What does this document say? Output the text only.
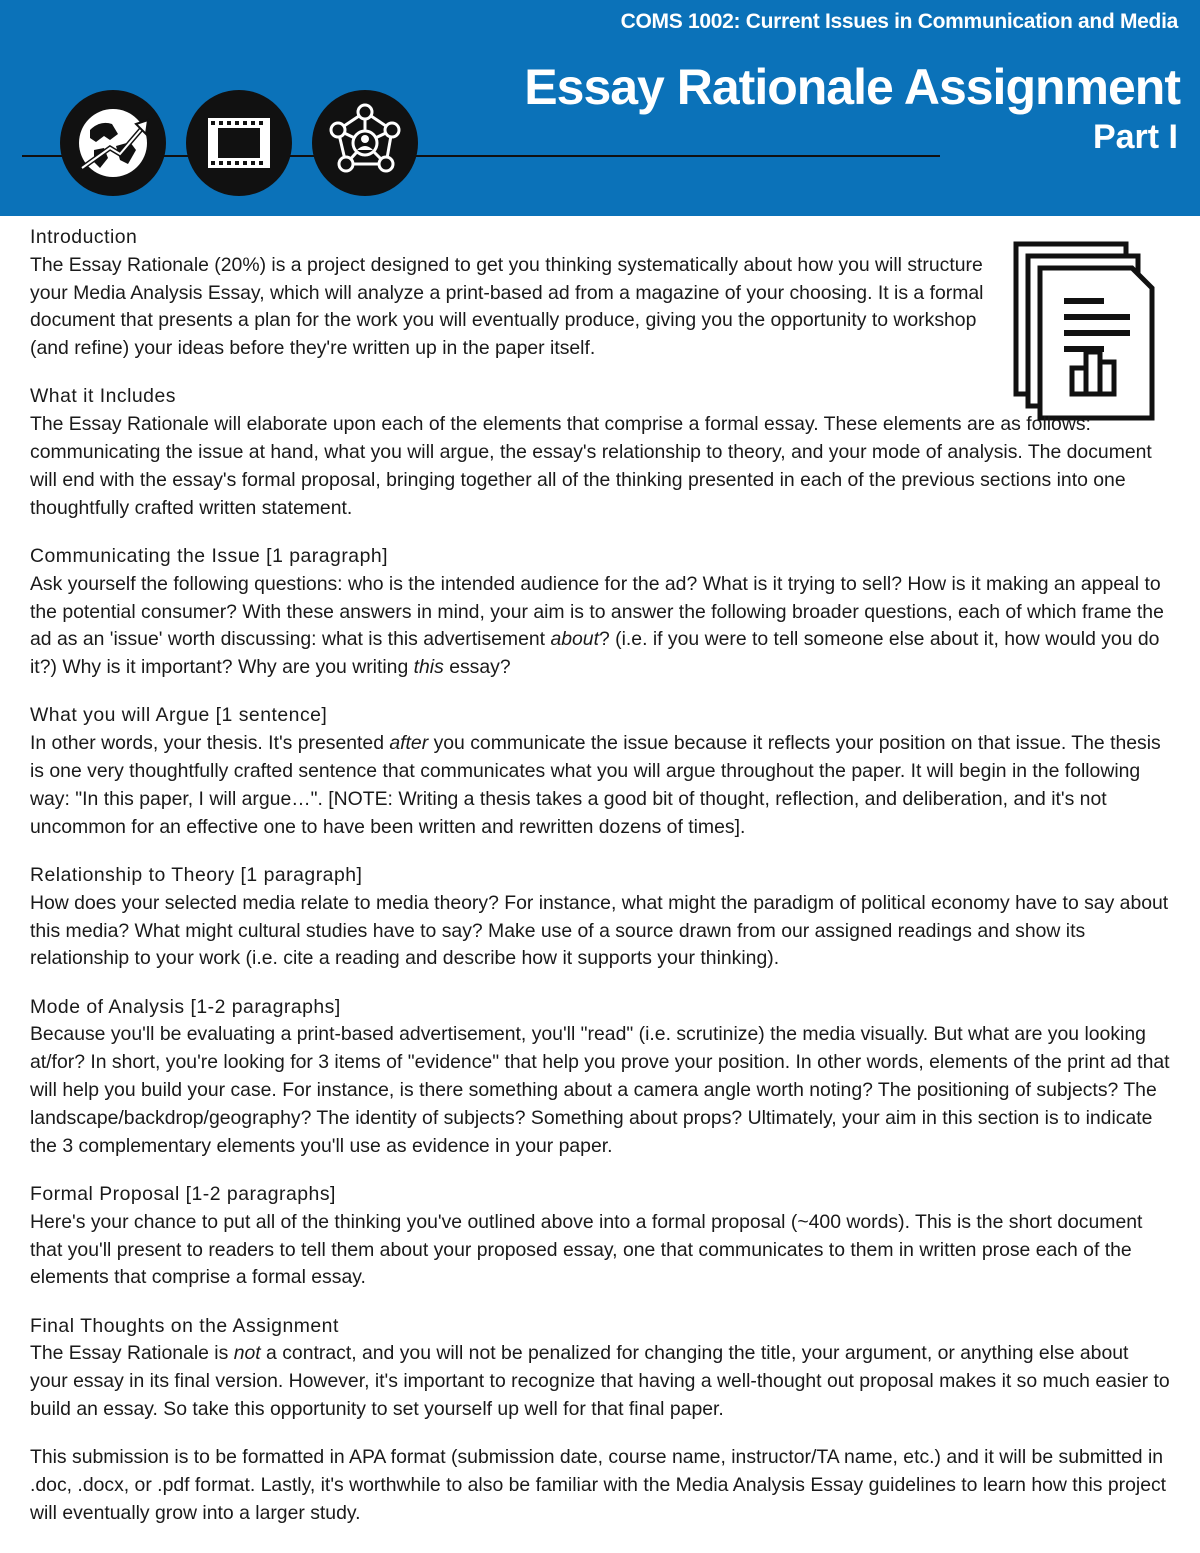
COMS 1002: Current Issues in Communication and Media
Essay Rationale Assignment
Part I
Introduction

The Essay Rationale (20%) is a project designed to get you thinking systematically about how you will structure your Media Analysis Essay, which will analyze a print-based ad from a magazine of your choosing. It is a formal document that presents a plan for the work you will eventually produce, giving you the opportunity to workshop (and refine) your ideas before they're written up in the paper itself.

What it Includes

The Essay Rationale will elaborate upon each of the elements that comprise a formal essay. These elements are as follows: communicating the issue at hand, what you will argue, the essay's relationship to theory, and your mode of analysis. The document will end with the essay's formal proposal, bringing together all of the thinking presented in each of the previous sections into one thoughtfully crafted written statement.

Communicating the Issue [1 paragraph]

Ask yourself the following questions: who is the intended audience for the ad? What is it trying to sell? How is it making an appeal to the potential consumer? With these answers in mind, your aim is to answer the following broader questions, each of which frame the ad as an 'issue' worth discussing: what is this advertisement about? (i.e. if you were to tell someone else about it, how would you do it?) Why is it important? Why are you writing this essay?

What you will Argue [1 sentence]

In other words, your thesis. It's presented after you communicate the issue because it reflects your position on that issue. The thesis is one very thoughtfully crafted sentence that communicates what you will argue throughout the paper. It will begin in the following way: "In this paper, I will argue…". [NOTE: Writing a thesis takes a good bit of thought, reflection, and deliberation, and it's not uncommon for an effective one to have been written and rewritten dozens of times].

Relationship to Theory [1 paragraph]

How does your selected media relate to media theory? For instance, what might the paradigm of political economy have to say about this media? What might cultural studies have to say? Make use of a source drawn from our assigned readings and show its relationship to your work (i.e. cite a reading and describe how it supports your thinking).

Mode of Analysis [1-2 paragraphs]

Because you'll be evaluating a print-based advertisement, you'll "read" (i.e. scrutinize) the media visually. But what are you looking at/for? In short, you're looking for 3 items of "evidence" that help you prove your position. In other words, elements of the print ad that will help you build your case. For instance, is there something about a camera angle worth noting? The positioning of subjects? The landscape/backdrop/geography? The identity of subjects? Something about props? Ultimately, your aim in this section is to indicate the 3 complementary elements you'll use as evidence in your paper.

Formal Proposal [1-2 paragraphs]

Here's your chance to put all of the thinking you've outlined above into a formal proposal (~400 words). This is the short document that you'll present to readers to tell them about your proposed essay, one that communicates to them in written prose each of the elements that comprise a formal essay.

Final Thoughts on the Assignment

The Essay Rationale is not a contract, and you will not be penalized for changing the title, your argument, or anything else about your essay in its final version. However, it's important to recognize that having a well-thought out proposal makes it so much easier to build an essay. So take this opportunity to set yourself up well for that final paper.

This submission is to be formatted in APA format (submission date, course name, instructor/TA name, etc.) and it will be submitted in .doc, .docx, or .pdf format. Lastly, it's worthwhile to also be familiar with the Media Analysis Essay guidelines to learn how this project will eventually grow into a larger study.
